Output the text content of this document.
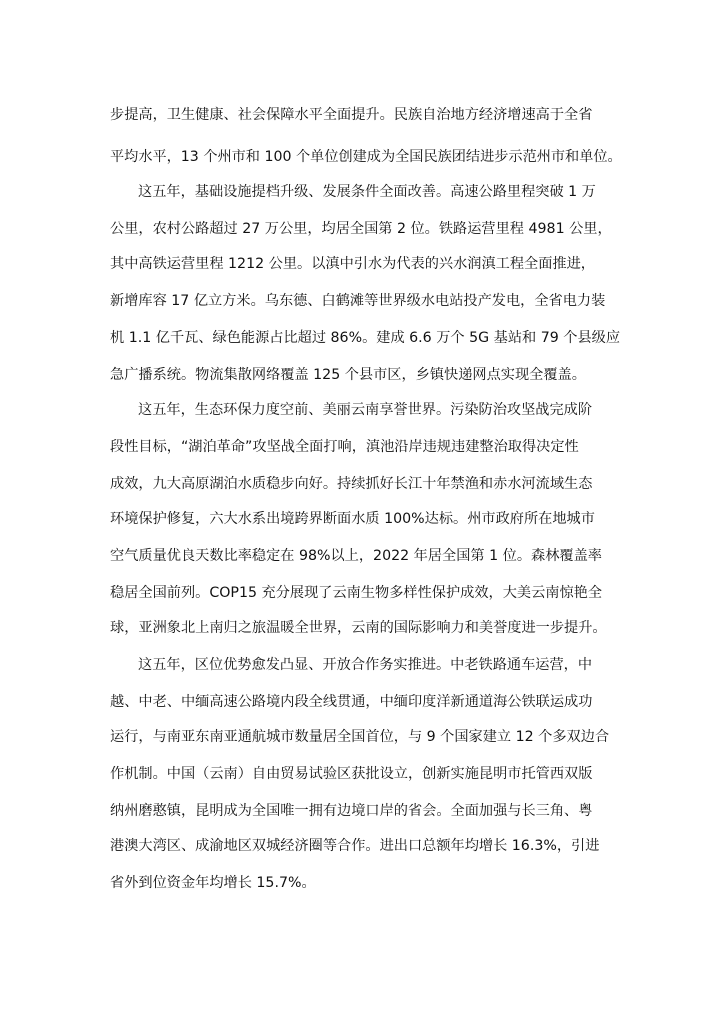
步提高，卫生健康、社会保障水平全面提升。民族自治地方经济增速高于全省
平均水平，13 个州市和 100 个单位创建成为全国民族团结进步示范州市和单位。
这五年，基础设施提档升级、发展条件全面改善。高速公路里程突破 1 万
公里，农村公路超过 27 万公里，均居全国第 2 位。铁路运营里程 4981 公里，
其中高铁运营里程 1212 公里。以滇中引水为代表的兴水润滇工程全面推进，
新增库容 17 亿立方米。乌东德、白鹤滩等世界级水电站投产发电，全省电力装
机 1.1 亿千瓦、绿色能源占比超过 86%。建成 6.6 万个 5G 基站和 79 个县级应
急广播系统。物流集散网络覆盖 125 个县市区，乡镇快递网点实现全覆盖。
这五年，生态环保力度空前、美丽云南享誉世界。污染防治攻坚战完成阶
段性目标，“湖泊革命”攻坚战全面打响，滇池沿岸违规违建整治取得决定性
成效，九大高原湖泊水质稳步向好。持续抓好长江十年禁渔和赤水河流域生态
环境保护修复，六大水系出境跨界断面水质 100%达标。州市政府所在地城市
空气质量优良天数比率稳定在 98%以上，2022 年居全国第 1 位。森林覆盖率
稳居全国前列。COP15 充分展现了云南生物多样性保护成效，大美云南惊艳全
球，亚洲象北上南归之旅温暖全世界，云南的国际影响力和美誉度进一步提升。
这五年，区位优势愈发凸显、开放合作务实推进。中老铁路通车运营，中
越、中老、中缅高速公路境内段全线贯通，中缅印度洋新通道海公铁联运成功
运行，与南亚东南亚通航城市数量居全国首位，与 9 个国家建立 12 个多双边合
作机制。中国（云南）自由贸易试验区获批设立，创新实施昆明市托管西双版
纳州磨憨镇，昆明成为全国唯一拥有边境口岸的省会。全面加强与长三角、粤
港澳大湾区、成渝地区双城经济圈等合作。进出口总额年均增长 16.3%，引进
省外到位资金年均增长 15.7%。
